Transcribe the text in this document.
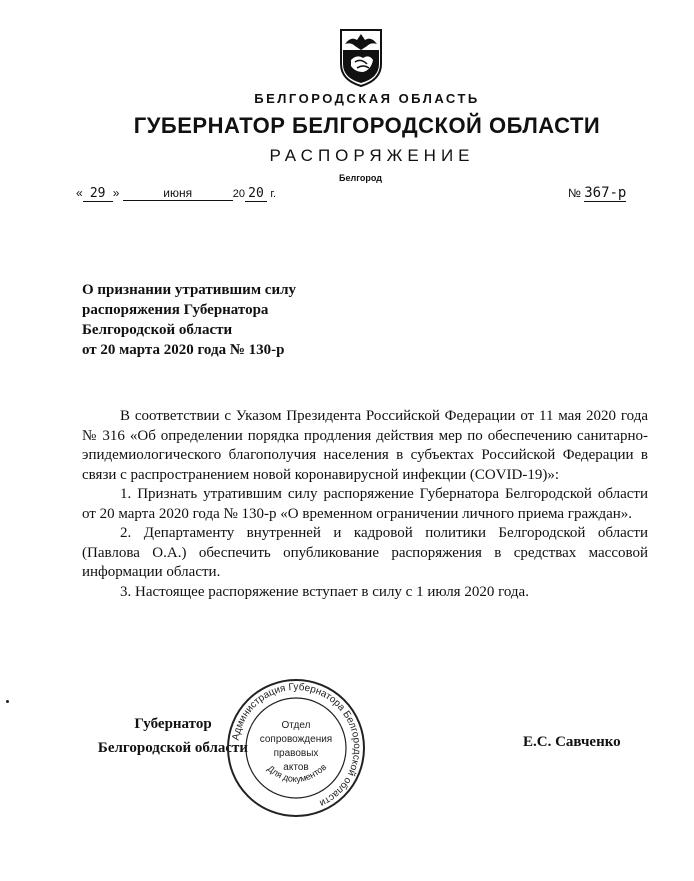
БЕЛГОРОДСКАЯ ОБЛАСТЬ
ГУБЕРНАТОР БЕЛГОРОДСКОЙ ОБЛАСТИ
РАСПОРЯЖЕНИЕ
Белгород
« 29 »	июня	20 20 г.	№ 367-р
О признании утратившим силу
распоряжения Губернатора
Белгородской области
от 20 марта 2020 года № 130-р

В соответствии с Указом Президента Российской Федерации от 11 мая 2020 года № 316 «Об определении порядка продления действия мер по обеспечению санитарно-эпидемиологического благополучия населения в субъектах Российской Федерации в связи с распространением новой коронавирусной инфекции (COVID-19)»:

1. Признать утратившим силу распоряжение Губернатора Белгородской области от 20 марта 2020 года № 130-р «О временном ограничении личного приема граждан».

2. Департаменту внутренней и кадровой политики Белгородской области (Павлова О.А.) обеспечить опубликование распоряжения в средствах массовой информации области.

3. Настоящее распоряжение вступает в силу с 1 июля 2020 года.

Губернатор
Белгородской области	Е.С. Савченко
Администрация Губернатора Белгородской области
Для документов
Отдел
сопровождения
правовых
актов
